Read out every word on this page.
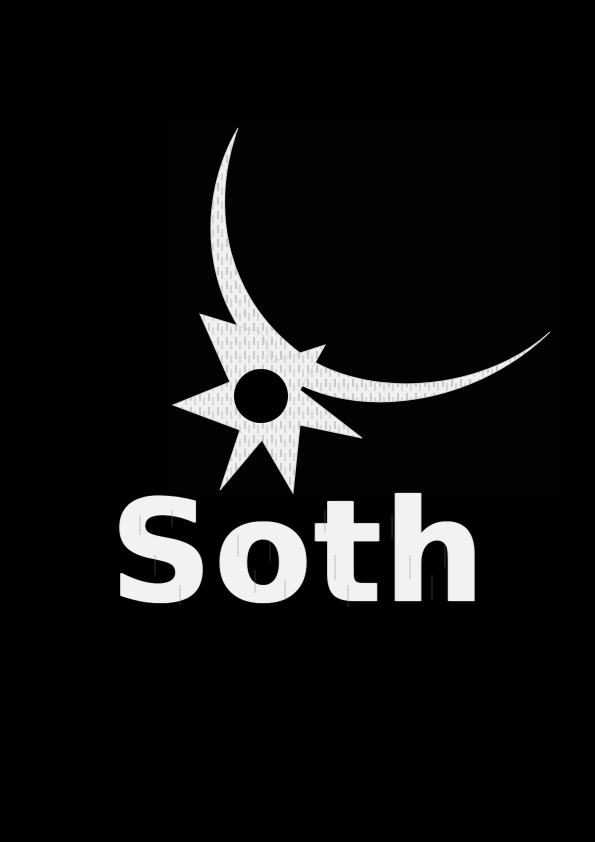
Soth
